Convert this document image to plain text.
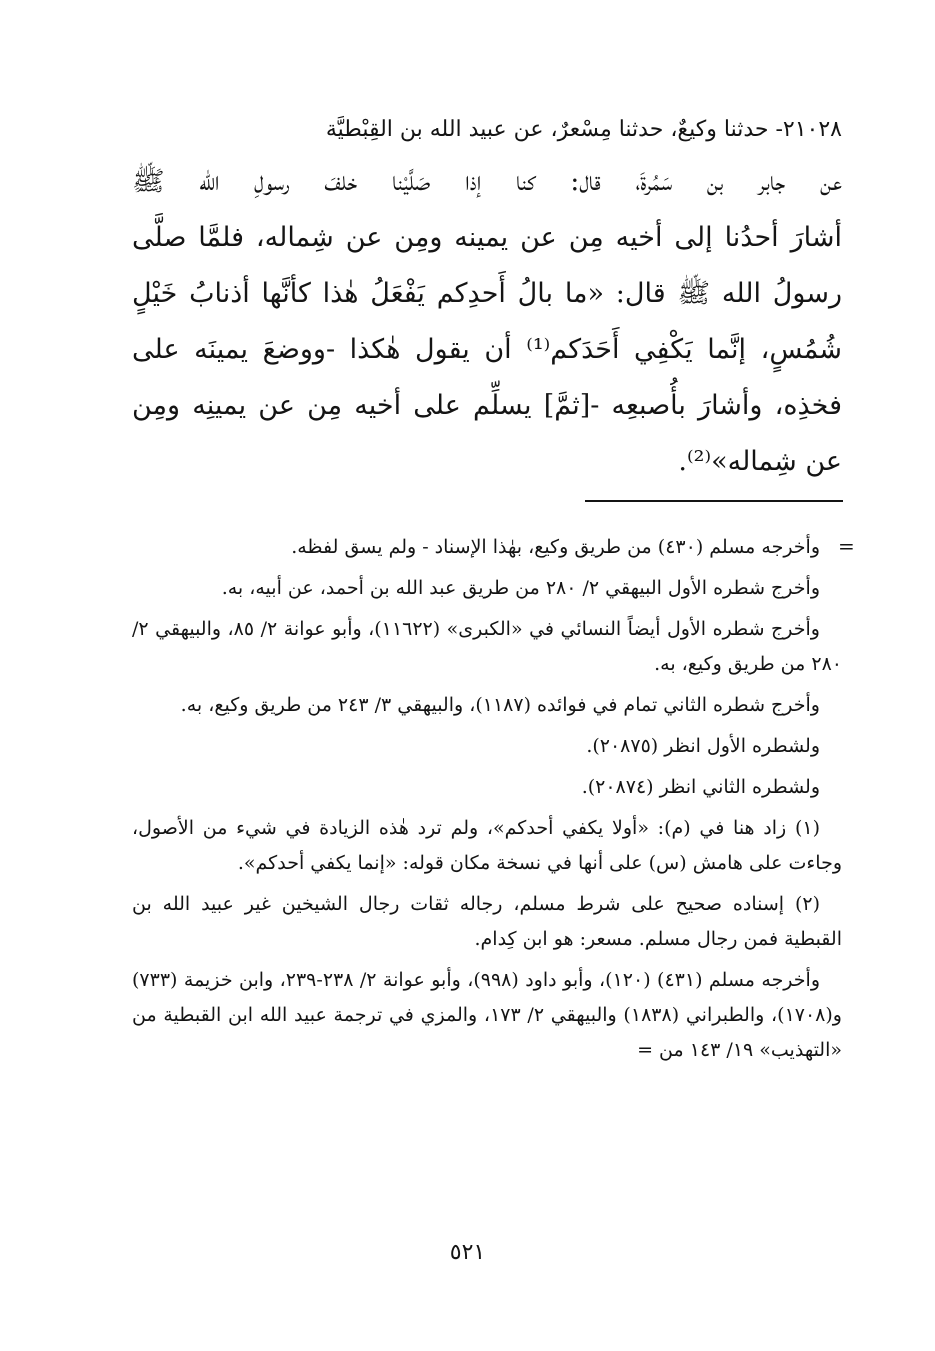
٢١٠٢٨- حدثنا وكيعٌ، حدثنا مِسْعرٌ، عن عبيد الله بن القِبْطيَّة

عن جابر بن سَمُرةَ، قال: كنا إذا صَلَّيْنا خلفَ رسولِ الله ﷺ

أشارَ أحدُنا إلى أخيه مِن عن يمينه ومِن عن شِماله، فلمَّا صلَّى

رسولُ الله ﷺ قال: «ما بالُ أَحدِكم يَفْعَلُ هٰذا كأنَّها أذنابُ خَيْلٍ

شُمُسٍ، إنَّما يَكْفِي أَحَدَكم⁽¹⁾ أن يقول هٰكذا -ووضعَ يمينَه على

فخذِه، وأشارَ بأُصبعِه -[ثمَّ] يسلِّم على أخيه مِن عن يمينِه ومِن

عن شِماله»⁽²⁾.

=

وأخرجه مسلم (٤٣٠) من طريق وكيع، بهٰذا الإسناد - ولم يسق لفظه.

وأخرج شطره الأول البيهقي ٢/ ٢٨٠ من طريق عبد الله بن أحمد، عن أبيه، به.

وأخرج شطره الأول أيضاً النسائي في «الكبرى» (١١٦٢٢)، وأبو عوانة ٢/ ٨٥، والبيهقي ٢/ ٢٨٠ من طريق وكيع، به.

وأخرج شطره الثاني تمام في فوائده (١١٨٧)، والبيهقي ٣/ ٢٤٣ من طريق وكيع، به.

ولشطره الأول انظر (٢٠٨٧٥).

ولشطره الثاني انظر (٢٠٨٧٤).

(١) زاد هنا في (م): «أولا يكفي أحدكم»، ولم ترد هٰذه الزيادة في شيء من الأصول، وجاءت على هامش (س) على أنها في نسخة مكان قوله: «إنما يكفي أحدكم».

(٢) إسناده صحيح على شرط مسلم، رجاله ثقات رجال الشيخين غير عبيد الله بن القبطية فمن رجال مسلم. مسعر: هو ابن كِدام.

وأخرجه مسلم (٤٣١) (١٢٠)، وأبو داود (٩٩٨)، وأبو عوانة ٢/ ٢٣٨-٢٣٩، وابن خزيمة (٧٣٣) و(١٧٠٨)، والطبراني (١٨٣٨) والبيهقي ٢/ ١٧٣، والمزي في ترجمة عبيد الله ابن القبطية من «التهذيب» ١٩/ ١٤٣ من =

٥٢١
